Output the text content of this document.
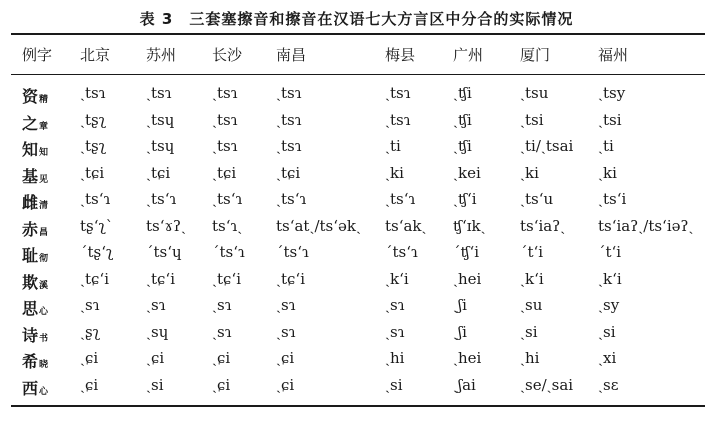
表 3　三套塞擦音和擦音在汉语七大方言区中分合的实际情况
例字 北京 苏州 长沙 南昌	梅县	广州 厦门	福州
资精 ˏtsɿ	ˏtsɿ	ˏtsɿ	ˏtsɿ	ˏtsɿ	ˏʧi	ˏtsu	ˏtsy
之章 ˏtʂʅ	ˏtsɥ	ˏtsɿ	ˏtsɿ	ˏtsɿ	ˏʧi	ˏtsi	ˏtsi
知知 ˏtʂʅ	ˏtsɥ	ˏtsɿ	ˏtsɿ	ˏti	ˏʧi	ˏti/ˏtsai ˏti
基见 ˏtɕi	ˏtɕi	ˏtɕi	ˏtɕi	ˏki	ˏkei	ˏki	ˏki
雌清 ˏtsʻɿ ˏtsʻɿ ˏtsʻɿ ˏtsʻɿ	ˏtsʻɿ	ˏʧʻi	ˏtsʻu	ˏtsʻi
赤昌 tʂʻʅˋ tsʻɤʔˏ tsʻɿˏ tsʻatˏ/tsʻəkˏ tsʻakˏ ʧʻɪkˏ tsʻiaʔˏ tsʻiaʔˏ/tsʻiəʔˏ
耻彻 ˊtʂʻʅ ˊtsʻɥ ˊtsʻɿ ˊtsʻɿ	ˊtsʻɿ ˊʧʻi	ˊtʻi	ˊtʻi
欺溪 ˏtɕʻi ˏtɕʻi ˏtɕʻi ˏtɕʻi	ˏkʻi	ˏhei	ˏkʻi	ˏkʻi
思心 ˏsɿ	ˏsɿ	ˏsɿ	ˏsɿ	ˏsɿ	ˏʃi	ˏsu	ˏsy
诗书 ˏʂʅ	ˏsɥ	ˏsɿ	ˏsɿ	ˏsɿ	ˏʃi	ˏsi	ˏsi
希晓 ˏɕi	ˏɕi	ˏɕi	ˏɕi	ˏhi	ˏhei	ˏhi	ˏxi
西心 ˏɕi	ˏsi	ˏɕi	ˏɕi	ˏsi	ˏʃai	ˏse/ˏsai ˏsɛ
